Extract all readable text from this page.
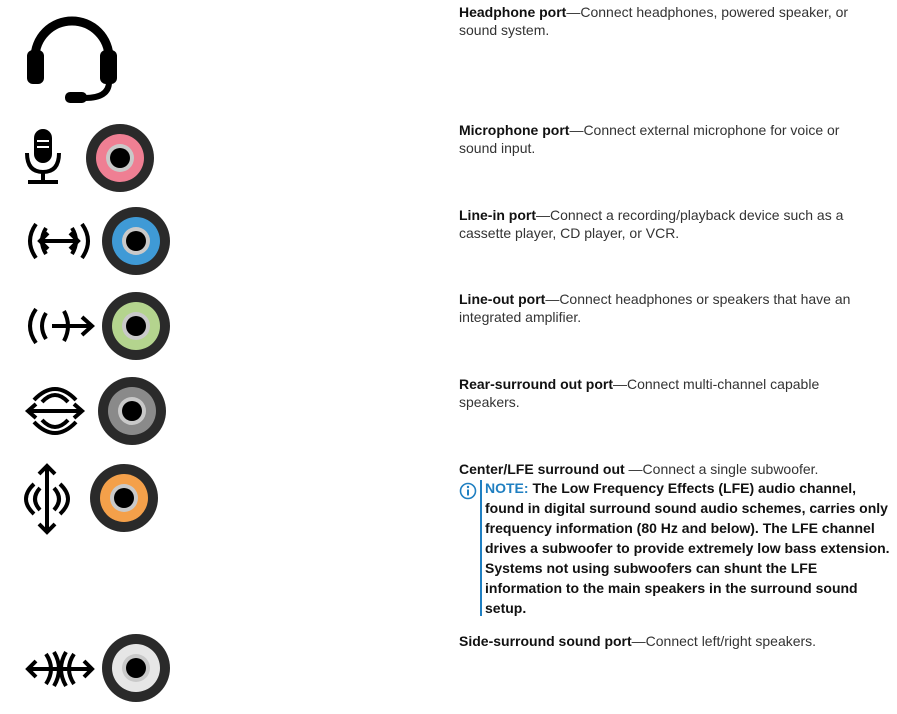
Headphone port—Connect headphones, powered speaker, or sound system.
Microphone port—Connect external microphone for voice or sound input.
Line-in port—Connect a recording/playback device such as a cassette player, CD player, or VCR.
Line-out port—Connect headphones or speakers that have an integrated amplifier.
Rear-surround out port—Connect multi-channel capable speakers.
Center/LFE surround out —Connect a single subwoofer.
NOTE: The Low Frequency Effects (LFE) audio channel, found in digital surround sound audio schemes, carries only frequency information (80 Hz and below). The LFE channel drives a subwoofer to provide extremely low bass extension. Systems not using subwoofers can shunt the LFE information to the main speakers in the surround sound setup.
Side-surround sound port—Connect left/right speakers.
